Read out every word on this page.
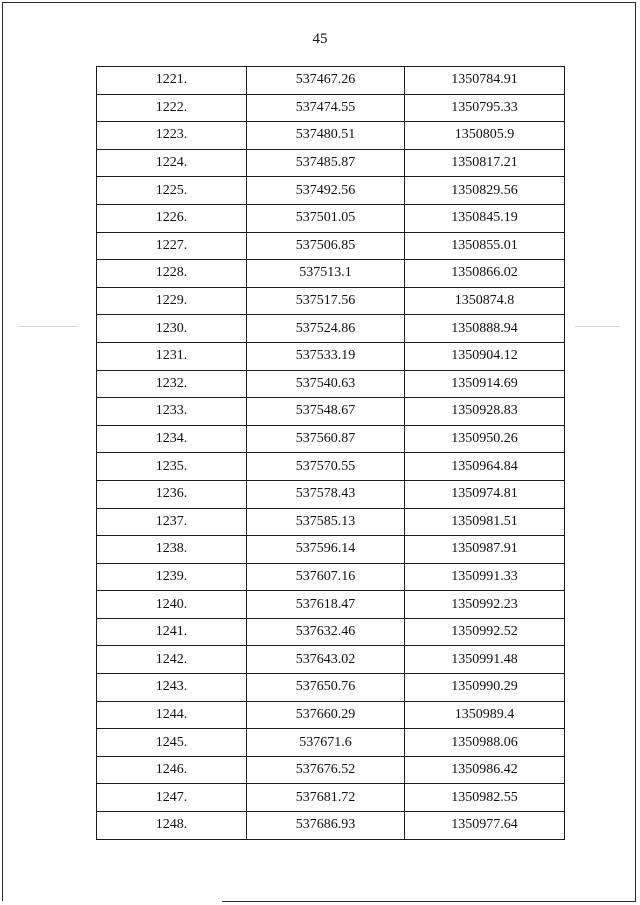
45
1221.	537467.26	1350784.91
1222.	537474.55	1350795.33
1223.	537480.51	1350805.9
1224.	537485.87	1350817.21
1225.	537492.56	1350829.56
1226.	537501.05	1350845.19
1227.	537506.85	1350855.01
1228.	537513.1	1350866.02
1229.	537517.56	1350874.8
1230.	537524.86	1350888.94
1231.	537533.19	1350904.12
1232.	537540.63	1350914.69
1233.	537548.67	1350928.83
1234.	537560.87	1350950.26
1235.	537570.55	1350964.84
1236.	537578.43	1350974.81
1237.	537585.13	1350981.51
1238.	537596.14	1350987.91
1239.	537607.16	1350991.33
1240.	537618.47	1350992.23
1241.	537632.46	1350992.52
1242.	537643.02	1350991.48
1243.	537650.76	1350990.29
1244.	537660.29	1350989.4
1245.	537671.6	1350988.06
1246.	537676.52	1350986.42
1247.	537681.72	1350982.55
1248.	537686.93	1350977.64
